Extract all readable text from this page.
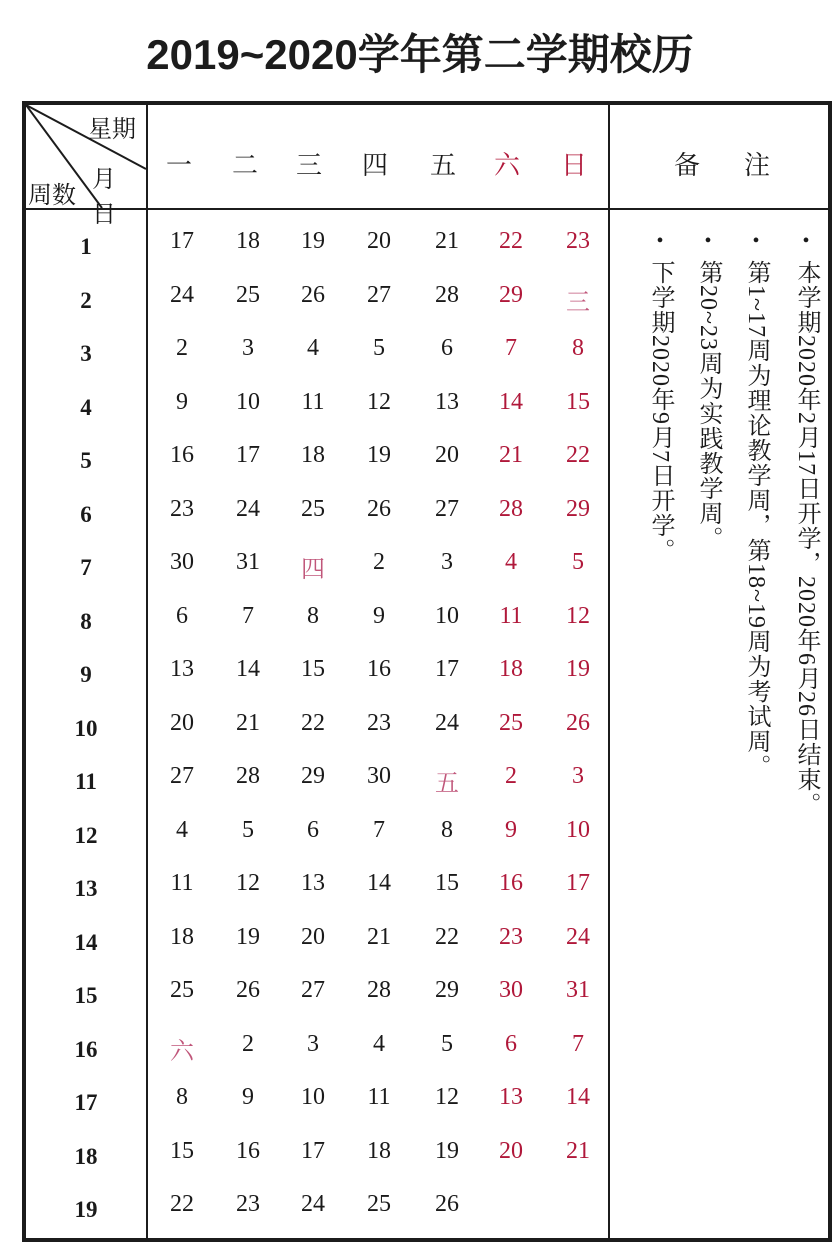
2019~2020学年第二学期校历
星期
月日
周数
一 二 三 四 五 六 日	备 注
1	17	18	19	20	21	22	23
2	24	25	26	27	28	29	三
3	2	3	4	5	6	7	8
4	9	10	11	12	13	14	15
5	16	17	18	19	20	21	22
6	23	24	25	26	27	28	29
7	30	31	四	2	3	4	5
8	6	7	8	9	10	11	12
9	13	14	15	16	17	18	19
10	20	21	22	23	24	25	26
11	27	28	29	30	五	2	3
12	4	5	6	7	8	9	10
13	11	12	13	14	15	16	17
14	18	19	20	21	22	23	24
15	25	26	27	28	29	30	31
16	六	2	3	4	5	6	7
17	8	9	10	11	12	13	14
18	15	16	17	18	19	20	21
19	22	23	24	25	26
•
本学期2020年2月17日开学，2020年6月26日结束。
•
第1~17周为理论教学周，第18~19周为考试周。
•
第20~23周为实践教学周。
•
下学期2020年9月7日开学。
